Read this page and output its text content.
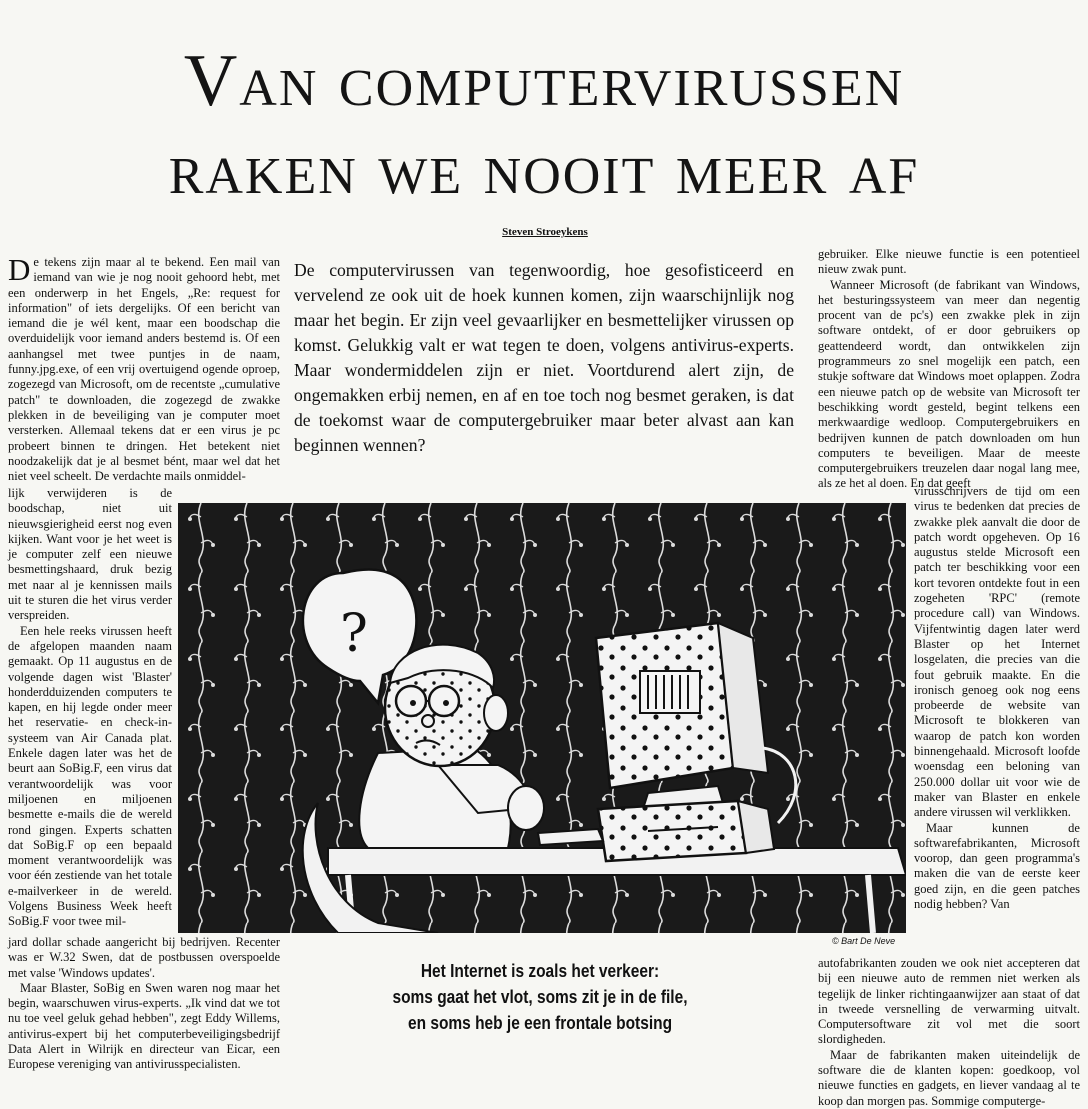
Van computervirussen
raken we nooit meer af
Steven Stroeykens

De tekens zijn maar al te bekend. Een mail van iemand van wie je nog nooit gehoord hebt, met een onderwerp in het Engels, „Re: request for information" of iets dergelijks. Of een bericht van iemand die je wél kent, maar een boodschap die overduidelijk voor iemand anders bestemd is. Of een aanhangsel met twee puntjes in de naam, funny.jpg.exe, of een vrij overtuigend ogende oproep, zogezegd van Microsoft, om de recentste „cumulative patch" te downloaden, die zogezegd de zwakke plekken in de beveiliging van je computer moet versterken. Allemaal tekens dat er een virus je pc probeert binnen te dringen. Het betekent niet noodzakelijk dat je al besmet bént, maar wel dat het niet veel scheelt. De verdachte mails onmiddel-

lijk verwijderen is de boodschap, niet uit nieuwsgierigheid eerst nog even kijken. Want voor je het weet is je computer zelf een nieuwe besmettingshaard, druk bezig met naar al je kennissen mails uit te sturen die het virus verder verspreiden.

Een hele reeks virussen heeft de afgelopen maanden naam gemaakt. Op 11 augustus en de volgende dagen wist 'Blaster' honderdduizenden computers te kapen, en hij legde onder meer het reservatie- en check-in-systeem van Air Canada plat. Enkele dagen later was het de beurt aan SoBig.F, een virus dat verantwoordelijk was voor miljoenen en miljoenen besmette e-mails die de wereld rond gingen. Experts schatten dat SoBig.F op een bepaald moment verantwoordelijk was voor één zestiende van het totale e-mailverkeer in de wereld. Volgens Business Week heeft SoBig.F voor twee mil-

jard dollar schade aangericht bij bedrijven. Recenter was er W.32 Swen, dat de postbussen overspoelde met valse 'Windows updates'.

Maar Blaster, SoBig en Swen waren nog maar het begin, waarschuwen virus-experts. „Ik vind dat we tot nu toe veel geluk gehad hebben", zegt Eddy Willems, antivirus-expert bij het computerbeveiligingsbedrijf Data Alert in Wilrijk en directeur van Eicar, een Europese vereniging van antivirusspecialisten.

De computervirussen van tegenwoordig, hoe gesofisticeerd en vervelend ze ook uit de hoek kunnen komen, zijn waarschijnlijk nog maar het begin. Er zijn veel gevaarlijker en besmettelijker virussen op komst. Gelukkig valt er wat tegen te doen, volgens antivirus-experts. Maar wondermiddelen zijn er niet. Voortdurend alert zijn, de ongemakken erbij nemen, en af en toe toch nog besmet geraken, is dat de toekomst waar de computergebruiker maar beter alvast aan kan beginnen wennen?

gebruiker. Elke nieuwe functie is een potentieel nieuw zwak punt.

Wanneer Microsoft (de fabrikant van Windows, het besturingssysteem van meer dan negentig procent van de pc's) een zwakke plek in zijn software ontdekt, of er door gebruikers op geattendeerd wordt, dan ontwikkelen zijn programmeurs zo snel mogelijk een patch, een stukje software dat Windows moet oplappen. Zodra een nieuwe patch op de website van Microsoft ter beschikking wordt gesteld, begint telkens een merkwaardige wedloop. Computergebruikers en bedrijven kunnen de patch downloaden om hun computers te beveiligen. Maar de meeste computergebruikers treuzelen daar nogal lang mee, als ze het al doen. En dat geeft

virusschrijvers de tijd om een virus te bedenken dat precies de zwakke plek aanvalt die door de patch wordt opgeheven. Op 16 augustus stelde Microsoft een patch ter beschikking voor een kort tevoren ontdekte fout in een zogeheten 'RPC' (remote procedure call) van Windows. Vijfentwintig dagen later werd Blaster op het Internet losgelaten, die precies van die fout gebruik maakte. En die ironisch genoeg ook nog eens probeerde de website van Microsoft te blokkeren van waarop de patch kon worden binnengehaald. Microsoft loofde woensdag een beloning van 250.000 dollar uit voor wie de maker van Blaster en enkele andere virussen wil verklikken.

Maar kunnen de softwarefabrikanten, Microsoft voorop, dan geen programma's maken die van de eerste keer goed zijn, en die geen patches nodig hebben? Van

autofabrikanten zouden we ook niet accepteren dat bij een nieuwe auto de remmen niet werken als tegelijk de linker richtingaanwijzer aan staat of dat in tweede versnelling de verwarming uitvalt. Computersoftware zit vol met die soort slordigheden.

Maar de fabrikanten maken uiteindelijk de software die de klanten kopen: goedkoop, vol nieuwe functies en gadgets, en liever vandaag al te koop dan morgen pas. Sommige computerge-

?
© Bart De Neve
Het Internet is zoals het verkeer:
soms gaat het vlot, soms zit je in de file,
en soms heb je een frontale botsing
